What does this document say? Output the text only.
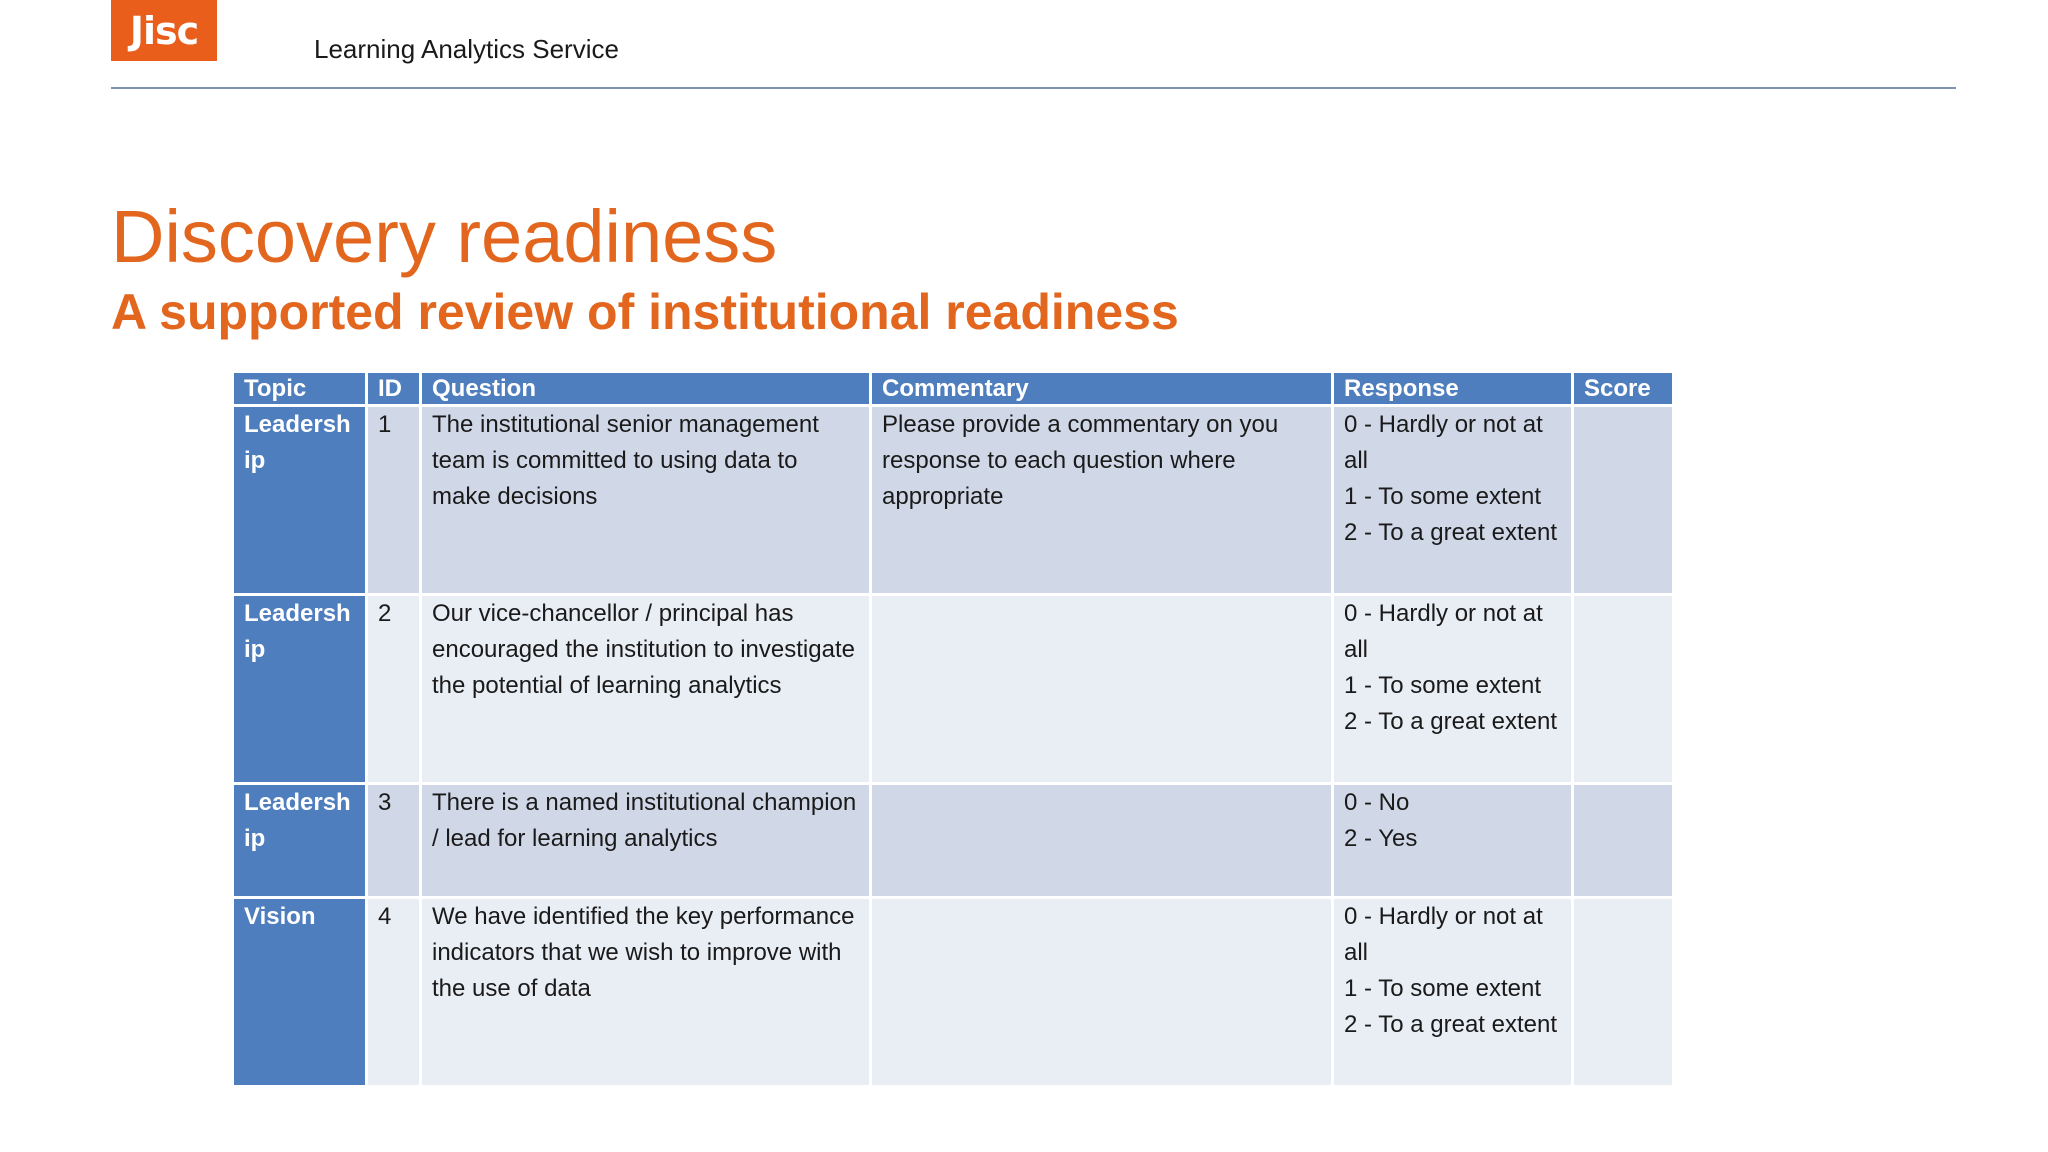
Jisc	Learning Analytics Service
Discovery readiness
A supported review of institutional readiness
Topic	ID	Question	Commentary	Response	Score
Leadersh ip	1	The institutional senior management team is committed to using data to make decisions	Please provide a commentary on you response to each question where appropriate	0 - Hardly or not at all
1 - To some extent
2 - To a great extent	

Leadersh ip	2	Our vice-chancellor / principal has encouraged the institution to investigate the potential of learning analytics		0 - Hardly or not at all
1 - To some extent
2 - To a great extent	

Leadersh ip	3	There is a named institutional champion / lead for learning analytics		0 - No
2 - Yes	

Vision	4	We have identified the key performance indicators that we wish to improve with the use of data		0 - Hardly or not at all
1 - To some extent
2 - To a great extent	
